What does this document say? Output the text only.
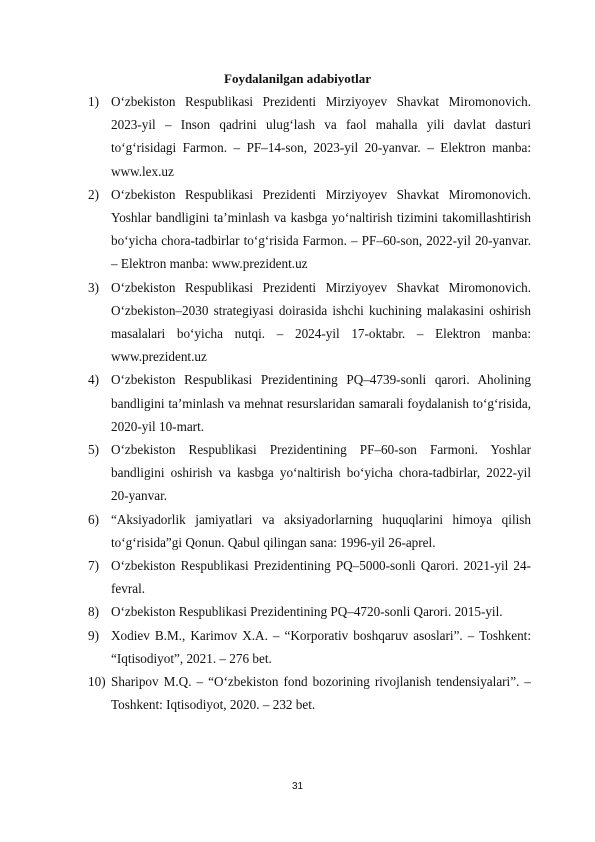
Foydalanilgan adabiyotlar
1) O‘zbekiston Respublikasi Prezidenti Mirziyoyev Shavkat Miromonovich. 2023-yil – Inson qadrini ulug‘lash va faol mahalla yili davlat dasturi to‘g‘risidagi Farmon. – PF–14-son, 2023-yil 20-yanvar. – Elektron manba: www.lex.uz
2) O‘zbekiston Respublikasi Prezidenti Mirziyoyev Shavkat Miromonovich. Yoshlar bandligini ta’minlash va kasbga yo‘naltirish tizimini takomillashtirish bo‘yicha chora-tadbirlar to‘g‘risida Farmon. – PF–60-son, 2022-yil 20-yanvar. – Elektron manba: www.prezident.uz
3) O‘zbekiston Respublikasi Prezidenti Mirziyoyev Shavkat Miromonovich. O‘zbekiston–2030 strategiyasi doirasida ishchi kuchining malakasini oshirish masalalari bo‘yicha nutqi. – 2024-yil 17-oktabr. – Elektron manba: www.prezident.uz
4) O‘zbekiston Respublikasi Prezidentining PQ–4739-sonli qarori. Aholining bandligini ta’minlash va mehnat resurslaridan samarali foydalanish to‘g‘risida, 2020-yil 10-mart.
5) O‘zbekiston Respublikasi Prezidentining PF–60-son Farmoni. Yoshlar bandligini oshirish va kasbga yo‘naltirish bo‘yicha chora-tadbirlar, 2022-yil 20-yanvar.
6) “Aksiyadorlik jamiyatlari va aksiyadorlarning huquqlarini himoya qilish to‘g‘risida”gi Qonun. Qabul qilingan sana: 1996-yil 26-aprel.
7) O‘zbekiston Respublikasi Prezidentining PQ–5000-sonli Qarori. 2021-yil 24-fevral.
8) O‘zbekiston Respublikasi Prezidentining PQ–4720-sonli Qarori. 2015-yil.
9) Xodiev B.M., Karimov X.A. – “Korporativ boshqaruv asoslari”. – Toshkent: “Iqtisodiyot”, 2021. – 276 bet.
10) Sharipov M.Q. – “O‘zbekiston fond bozorining rivojlanish tendensiyalari”. – Toshkent: Iqtisodiyot, 2020. – 232 bet.
31
